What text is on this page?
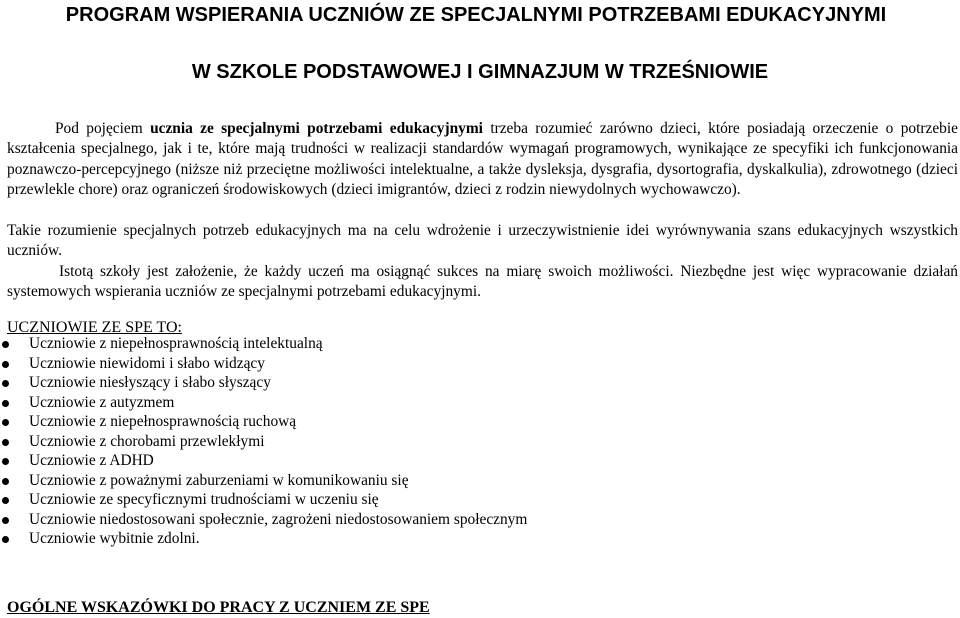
PROGRAM WSPIERANIA UCZNIÓW ZE SPECJALNYMI POTRZEBAMI EDUKACYJNYMI
W SZKOLE PODSTAWOWEJ I GIMNAZJUM W TRZEŚNIOWIE
Pod pojęciem ucznia ze specjalnymi potrzebami edukacyjnymi trzeba rozumieć zarówno dzieci, które posiadają orzeczenie o potrzebie kształcenia specjalnego, jak i te, które mają trudności w realizacji standardów wymagań programowych, wynikające ze specyfiki ich funkcjonowania poznawczo-percepcyjnego (niższe niż przeciętne możliwości intelektualne, a także dysleksja, dysgrafia, dysortografia, dyskalkulia), zdrowotnego (dzieci przewlekle chore) oraz ograniczeń środowiskowych (dzieci imigrantów, dzieci z rodzin niewydolnych wychowawczo).
Takie rozumienie specjalnych potrzeb edukacyjnych ma na celu wdrożenie i urzeczywistnienie idei wyrównywania szans edukacyjnych wszystkich uczniów.
Istotą szkoły jest założenie, że każdy uczeń ma osiągnąć sukces na miarę swoich możliwości. Niezbędne jest więc wypracowanie działań systemowych wspierania uczniów ze specjalnymi potrzebami edukacyjnymi.
UCZNIOWIE ZE SPE TO:
Uczniowie z niepełnosprawnością intelektualną
Uczniowie niewidomi i słabo widzący
Uczniowie niesłyszący i słabo słyszący
Uczniowie z autyzmem
Uczniowie z niepełnosprawnością ruchową
Uczniowie z chorobami przewlekłymi
Uczniowie z ADHD
Uczniowie z poważnymi zaburzeniami w komunikowaniu się
Uczniowie ze specyficznymi trudnościami w uczeniu się
Uczniowie niedostosowani społecznie, zagrożeni niedostosowaniem społecznym
Uczniowie wybitnie zdolni.
OGÓLNE WSKAZÓWKI DO PRACY Z UCZNIEM ZE SPE
